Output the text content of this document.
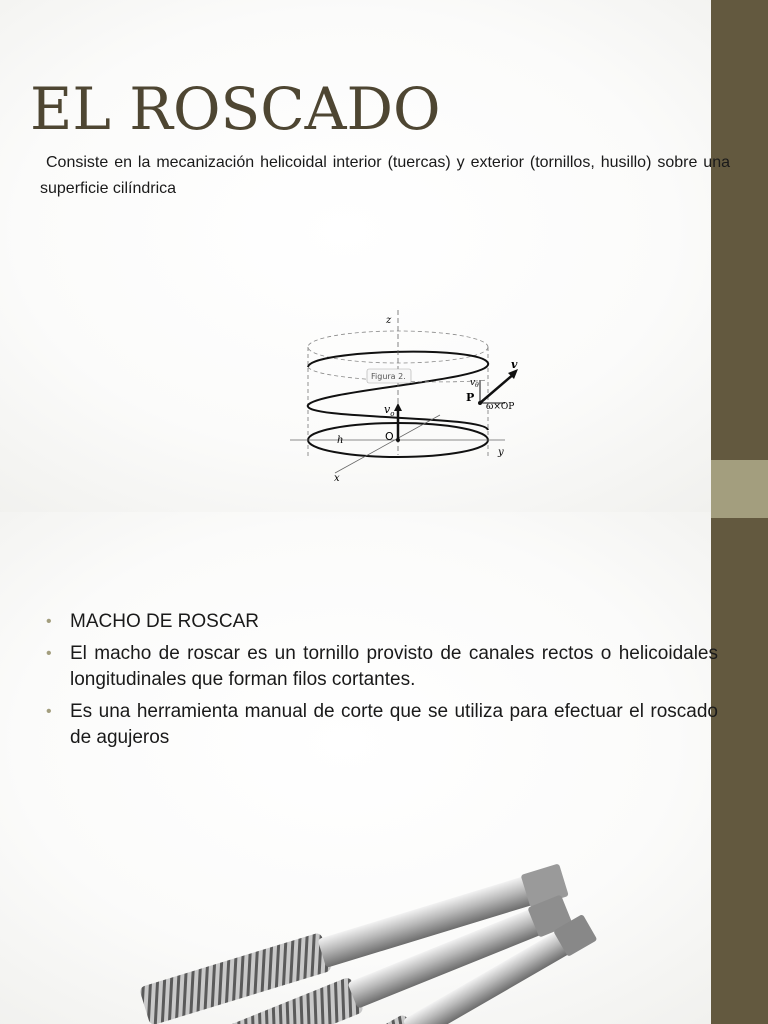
EL ROSCADO

Consiste en la mecanización helicoidal interior (tuercas) y exterior (tornillos, husillo) sobre una superficie cilíndrica

z
y
x
v
$v_o$
$v_\theta$
P
O
h
ω×OP
Figura 2.
• MACHO DE ROSCAR
• El macho de roscar es un tornillo provisto de canales rectos o helicoidales longitudinales que forman filos cortantes.
• Es una herramienta manual de corte que se utiliza para efectuar el roscado de agujeros
